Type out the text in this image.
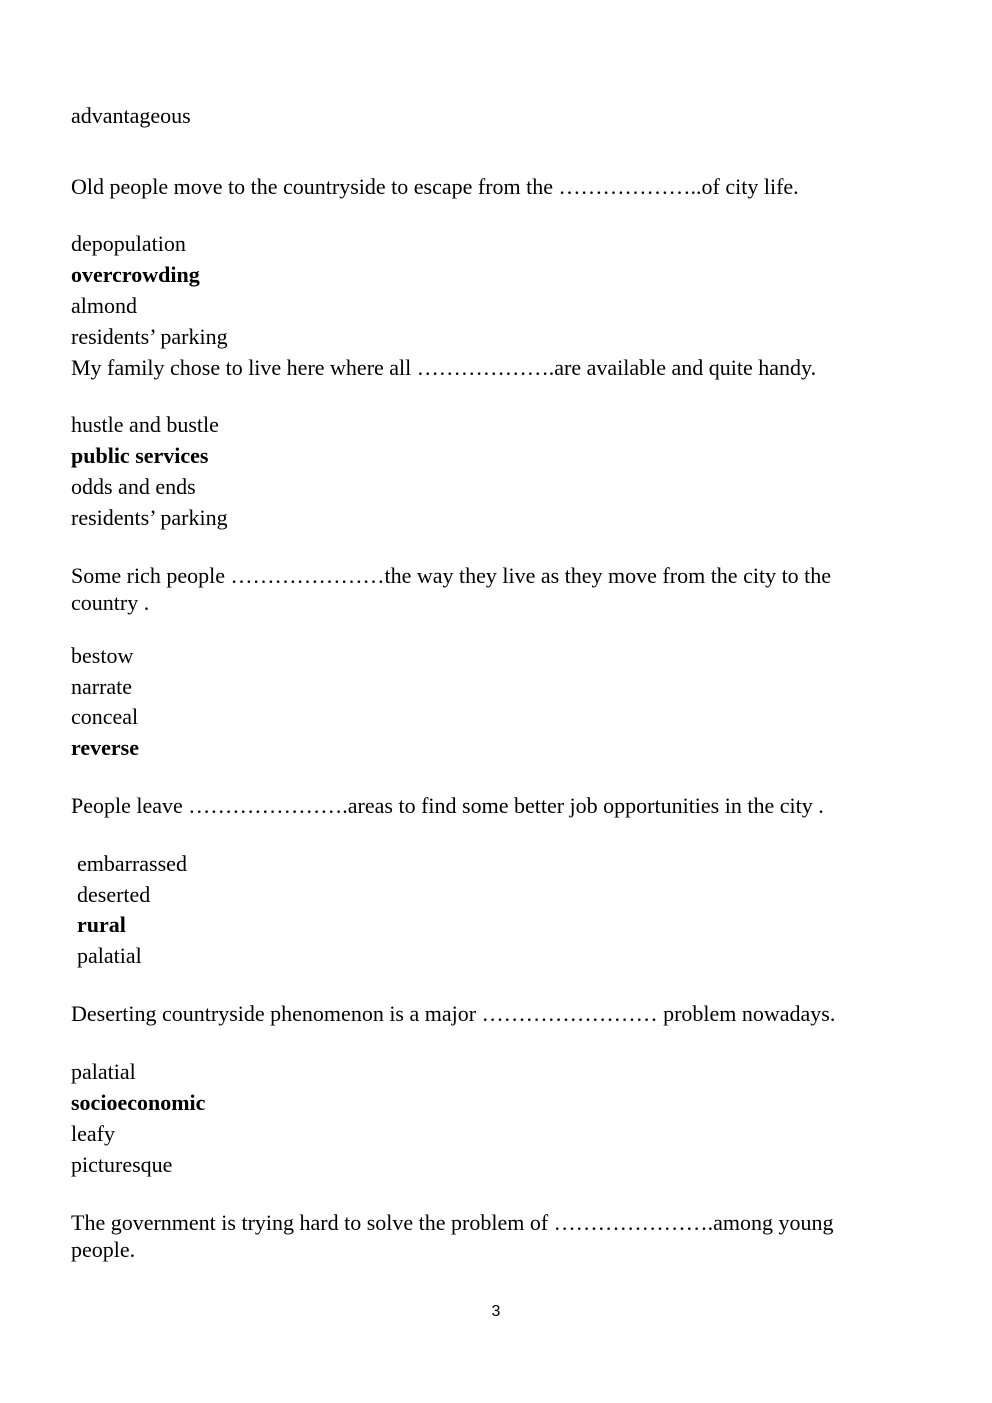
advantageous
Old people move to the countryside to escape from the ………………..of city life.
depopulation
overcrowding
almond
residents’ parking
My family chose to live here where all ……………….are available and quite handy.
hustle and bustle
public services
odds and ends
residents’ parking
Some rich people …………………the way they live as they move from the city to the country .
bestow
narrate
conceal
reverse
People leave ………………….areas to find some better job opportunities in the city .
embarrassed
deserted
rural
palatial
Deserting countryside phenomenon is a major …………………… problem nowadays.
palatial
socioeconomic
leafy
picturesque
The government is trying hard to solve the problem of ………………….among young people.
3
